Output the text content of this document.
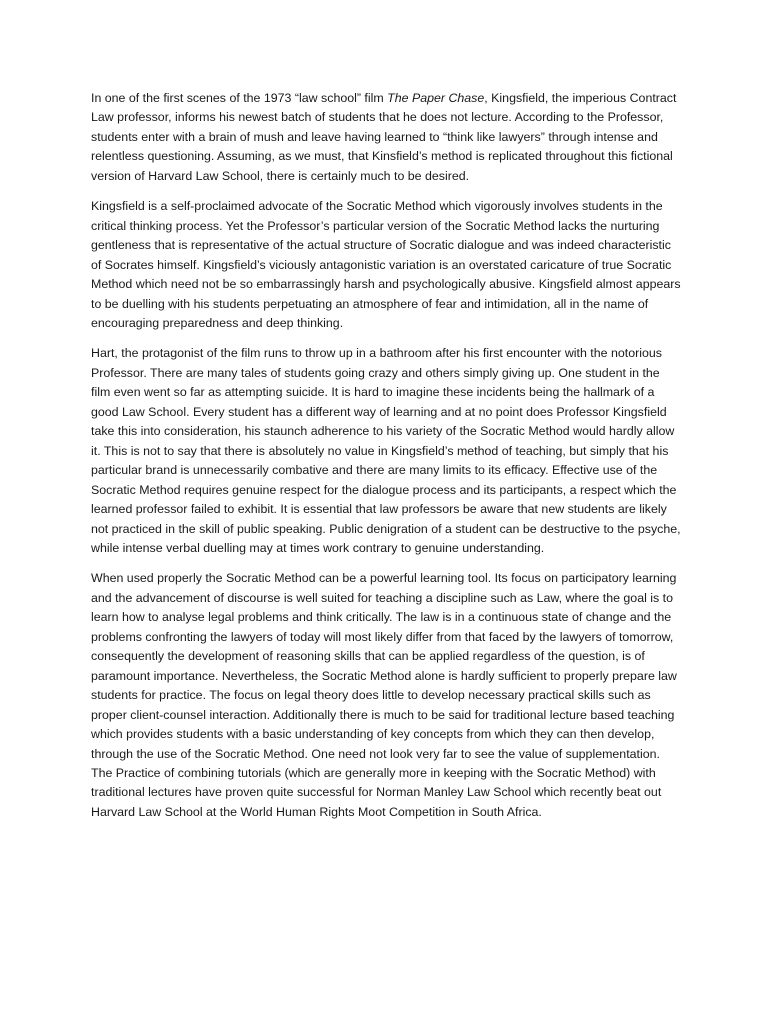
In one of the first scenes of the 1973 “law school” film The Paper Chase, Kingsfield, the imperious Contract Law professor, informs his newest batch of students that he does not lecture. According to the Professor, students enter with a brain of mush and leave having learned to “think like lawyers” through intense and relentless questioning. Assuming, as we must, that Kinsfield’s method is replicated throughout this fictional version of Harvard Law School, there is certainly much to be desired.

Kingsfield is a self-proclaimed advocate of the Socratic Method which vigorously involves students in the critical thinking process. Yet the Professor’s particular version of the Socratic Method lacks the nurturing gentleness that is representative of the actual structure of Socratic dialogue and was indeed characteristic of Socrates himself. Kingsfield’s viciously antagonistic variation is an overstated caricature of true Socratic Method which need not be so embarrassingly harsh and psychologically abusive. Kingsfield almost appears to be duelling with his students perpetuating an atmosphere of fear and intimidation, all in the name of encouraging preparedness and deep thinking.

Hart, the protagonist of the film runs to throw up in a bathroom after his first encounter with the notorious Professor. There are many tales of students going crazy and others simply giving up. One student in the film even went so far as attempting suicide. It is hard to imagine these incidents being the hallmark of a good Law School. Every student has a different way of learning and at no point does Professor Kingsfield take this into consideration, his staunch adherence to his variety of the Socratic Method would hardly allow it. This is not to say that there is absolutely no value in Kingsfield’s method of teaching, but simply that his particular brand is unnecessarily combative and there are many limits to its efficacy. Effective use of the Socratic Method requires genuine respect for the dialogue process and its participants, a respect which the learned professor failed to exhibit. It is essential that law professors be aware that new students are likely not practiced in the skill of public speaking. Public denigration of a student can be destructive to the psyche, while intense verbal duelling may at times work contrary to genuine understanding.

When used properly the Socratic Method can be a powerful learning tool. Its focus on participatory learning and the advancement of discourse is well suited for teaching a discipline such as Law, where the goal is to learn how to analyse legal problems and think critically. The law is in a continuous state of change and the problems confronting the lawyers of today will most likely differ from that faced by the lawyers of tomorrow, consequently the development of reasoning skills that can be applied regardless of the question, is of paramount importance. Nevertheless, the Socratic Method alone is hardly sufficient to properly prepare law students for practice. The focus on legal theory does little to develop necessary practical skills such as proper client-counsel interaction. Additionally there is much to be said for traditional lecture based teaching which provides students with a basic understanding of key concepts from which they can then develop, through the use of the Socratic Method. One need not look very far to see the value of supplementation. The Practice of combining tutorials (which are generally more in keeping with the Socratic Method) with traditional lectures have proven quite successful for Norman Manley Law School which recently beat out Harvard Law School at the World Human Rights Moot Competition in South Africa.
